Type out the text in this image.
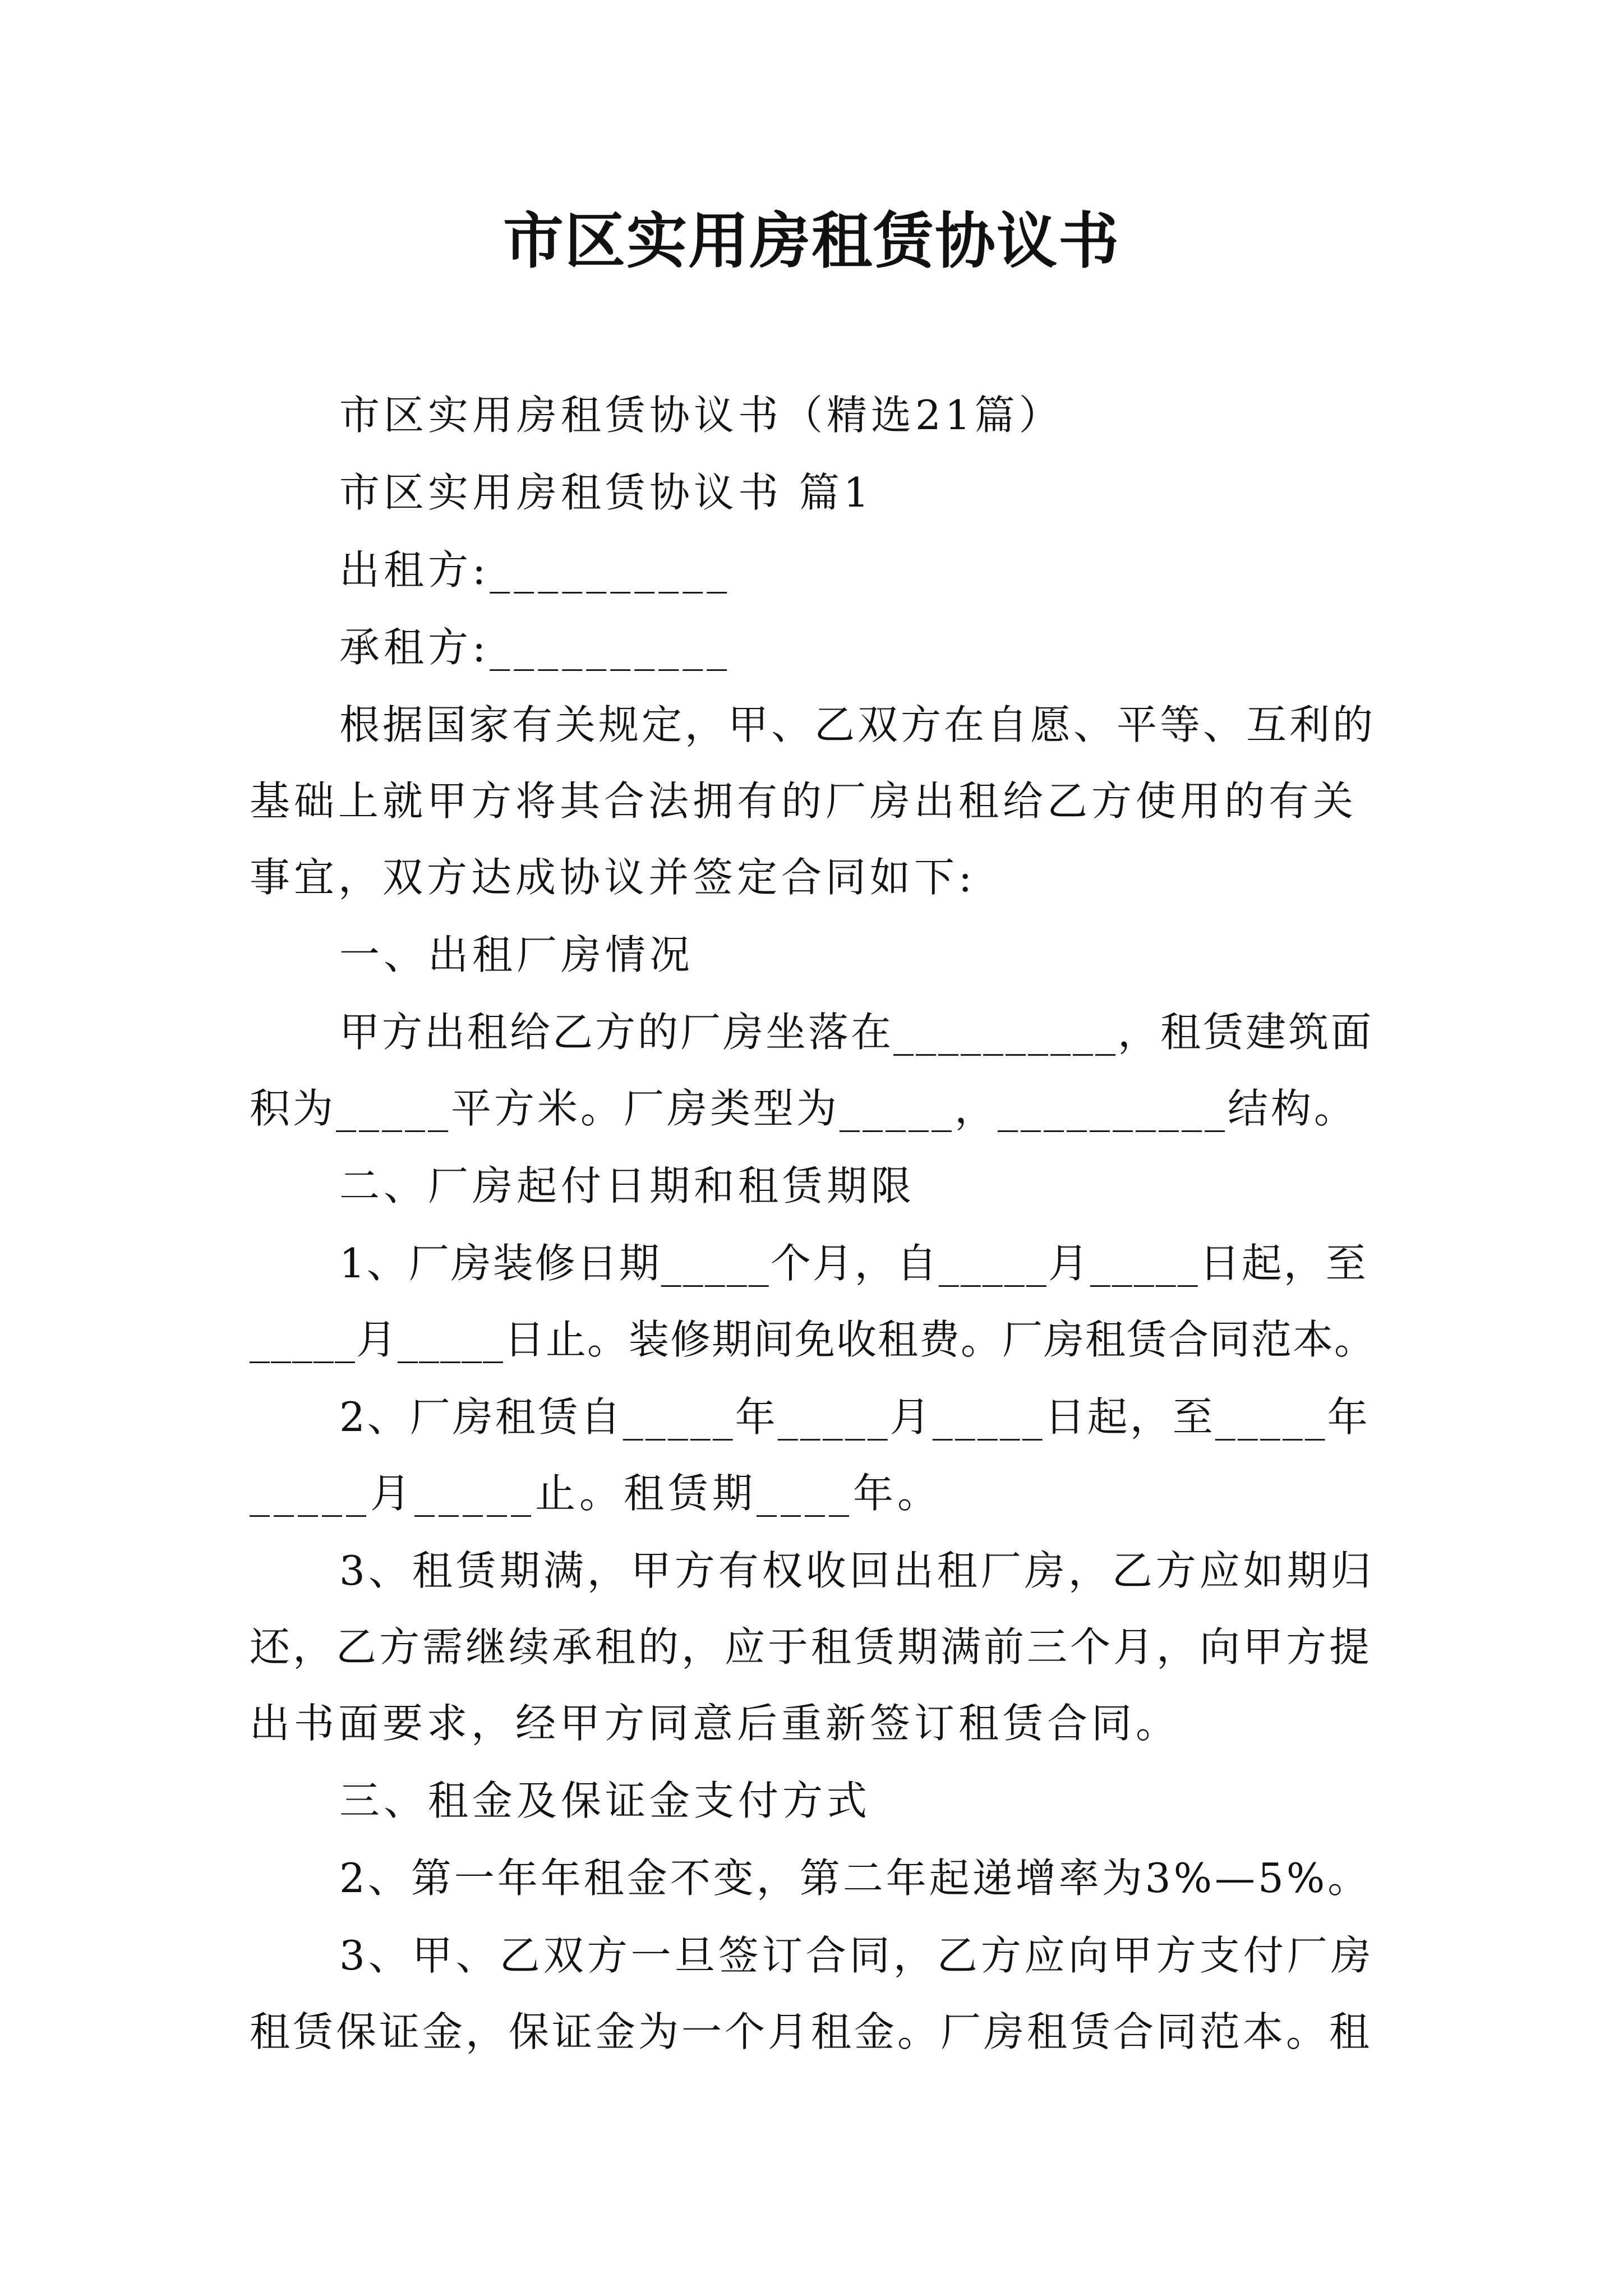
市区实用房租赁协议书
市区实用房租赁协议书（精选21篇）
市区实用房租赁协议书 篇1
出租方:__________
承租方:__________
根据国家有关规定，甲、乙双方在自愿、平等、互利的
基础上就甲方将其合法拥有的厂房出租给乙方使用的有关
事宜，双方达成协议并签定合同如下:
一、出租厂房情况
甲方出租给乙方的厂房坐落在__________，租赁建筑面
积为_____平方米。厂房类型为_____，__________结构。
二、厂房起付日期和租赁期限
1、厂房装修日期_____个月，自_____月_____日起，至
_____月_____日止。装修期间免收租费。厂房租赁合同范本。
2、厂房租赁自_____年_____月_____日起，至_____年
_____月_____止。租赁期____年。
3、租赁期满，甲方有权收回出租厂房，乙方应如期归
还，乙方需继续承租的，应于租赁期满前三个月，向甲方提
出书面要求，经甲方同意后重新签订租赁合同。
三、租金及保证金支付方式
2、第一年年租金不变，第二年起递增率为3%—5%。
3、甲、乙双方一旦签订合同，乙方应向甲方支付厂房
租赁保证金，保证金为一个月租金。厂房租赁合同范本。租
